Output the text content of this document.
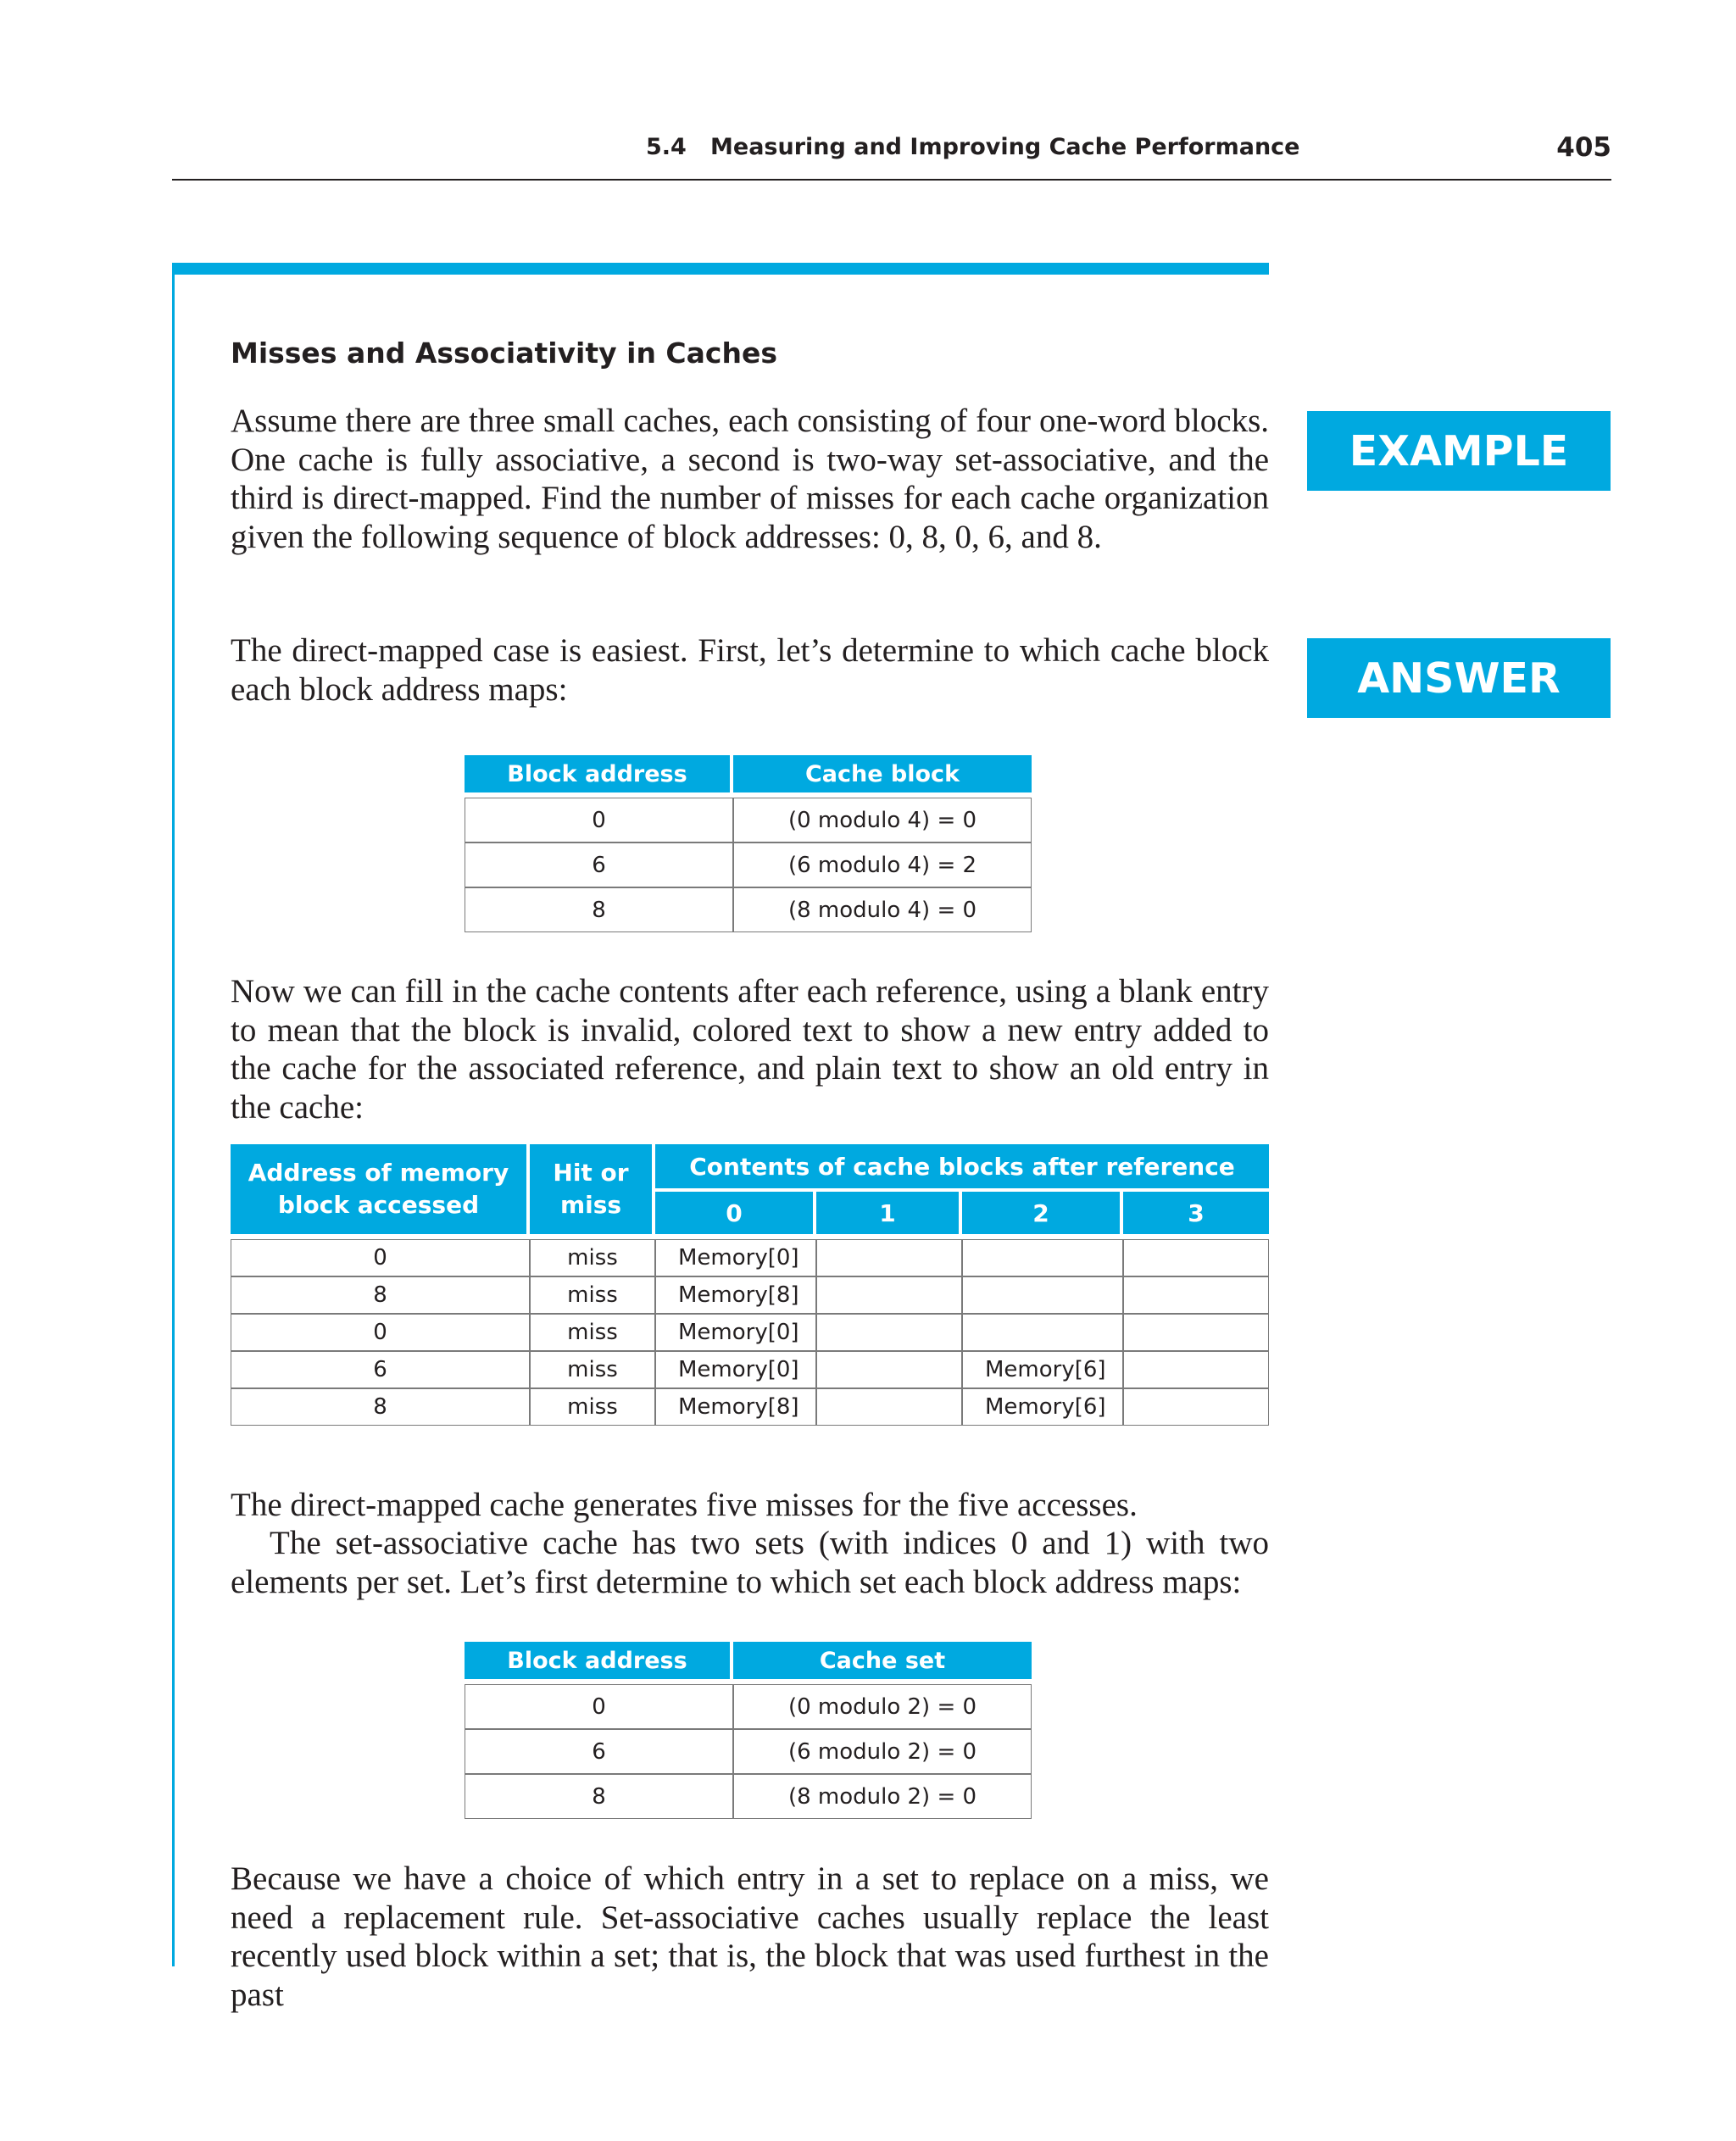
5.4   Measuring and Improving Cache Performance	405
Misses and Associativity in Caches

Assume there are three small caches, each consisting of four one-word blocks. One cache is fully associative, a second is two-way set-associative, and the third is direct-mapped. Find the number of misses for each cache organization given the following sequence of block addresses: 0, 8, 0, 6, and 8.

EXAMPLE

The direct-mapped case is easiest. First, let’s determine to which cache block each block address maps:	ANSWER
Block address	Cache block

0	(0 modulo 4) = 0
6	(6 modulo 4) = 2
8	(8 modulo 4) = 0

Now we can fill in the cache contents after each reference, using a blank entry to mean that the block is invalid, colored text to show a new entry added to the cache for the associated reference, and plain text to show an old entry in the cache:

Address of memory block accessed	Hit or miss	Contents of cache blocks after reference			
		0	1	2	3

0	miss	Memory[0]			
8	miss	Memory[8]			
0	miss	Memory[0]			
6	miss	Memory[0]		Memory[6]	
8	miss	Memory[8]		Memory[6]	

The direct-mapped cache generates five misses for the five accesses.

The set-associative cache has two sets (with indices 0 and 1) with two elements per set. Let’s first determine to which set each block address maps:

Block address	Cache set

0	(0 modulo 2) = 0
6	(6 modulo 2) = 0
8	(8 modulo 2) = 0

Because we have a choice of which entry in a set to replace on a miss, we need a replacement rule. Set-associative caches usually replace the least recently used block within a set; that is, the block that was used furthest in the past
